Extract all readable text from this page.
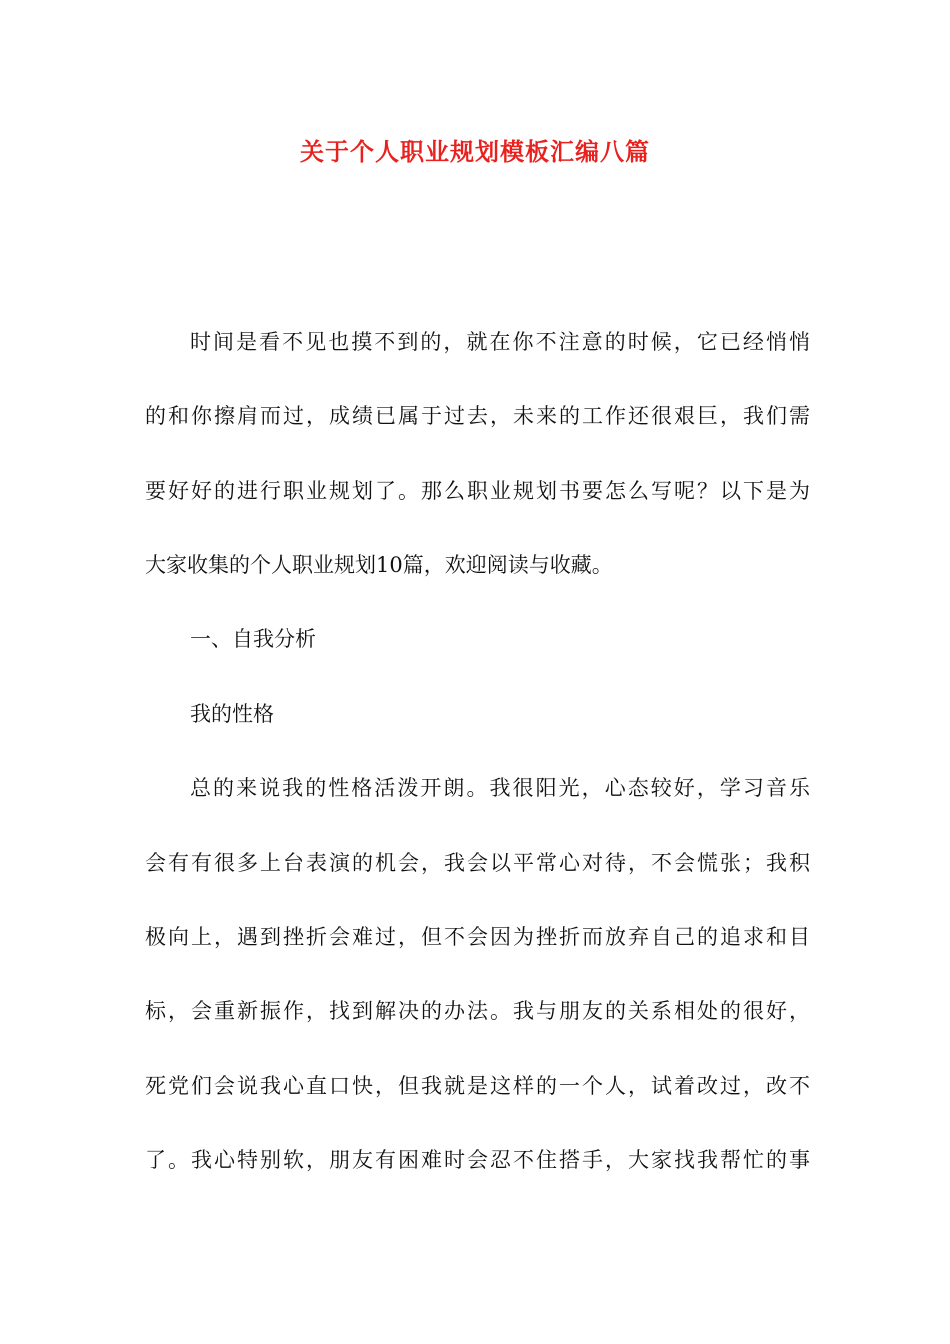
关于个人职业规划模板汇编八篇

时间是看不见也摸不到的，就在你不注意的时候，它已经悄悄

的和你擦肩而过，成绩已属于过去，未来的工作还很艰巨，我们需

要好好的进行职业规划了。那么职业规划书要怎么写呢？以下是为

大家收集的个人职业规划10篇，欢迎阅读与收藏。

一、自我分析

我的性格

总的来说我的性格活泼开朗。我很阳光，心态较好，学习音乐

会有有很多上台表演的机会，我会以平常心对待，不会慌张；我积

极向上，遇到挫折会难过，但不会因为挫折而放弃自己的追求和目

标，会重新振作，找到解决的办法。我与朋友的关系相处的很好，

死党们会说我心直口快，但我就是这样的一个人，试着改过，改不

了。我心特别软，朋友有困难时会忍不住搭手，大家找我帮忙的事
